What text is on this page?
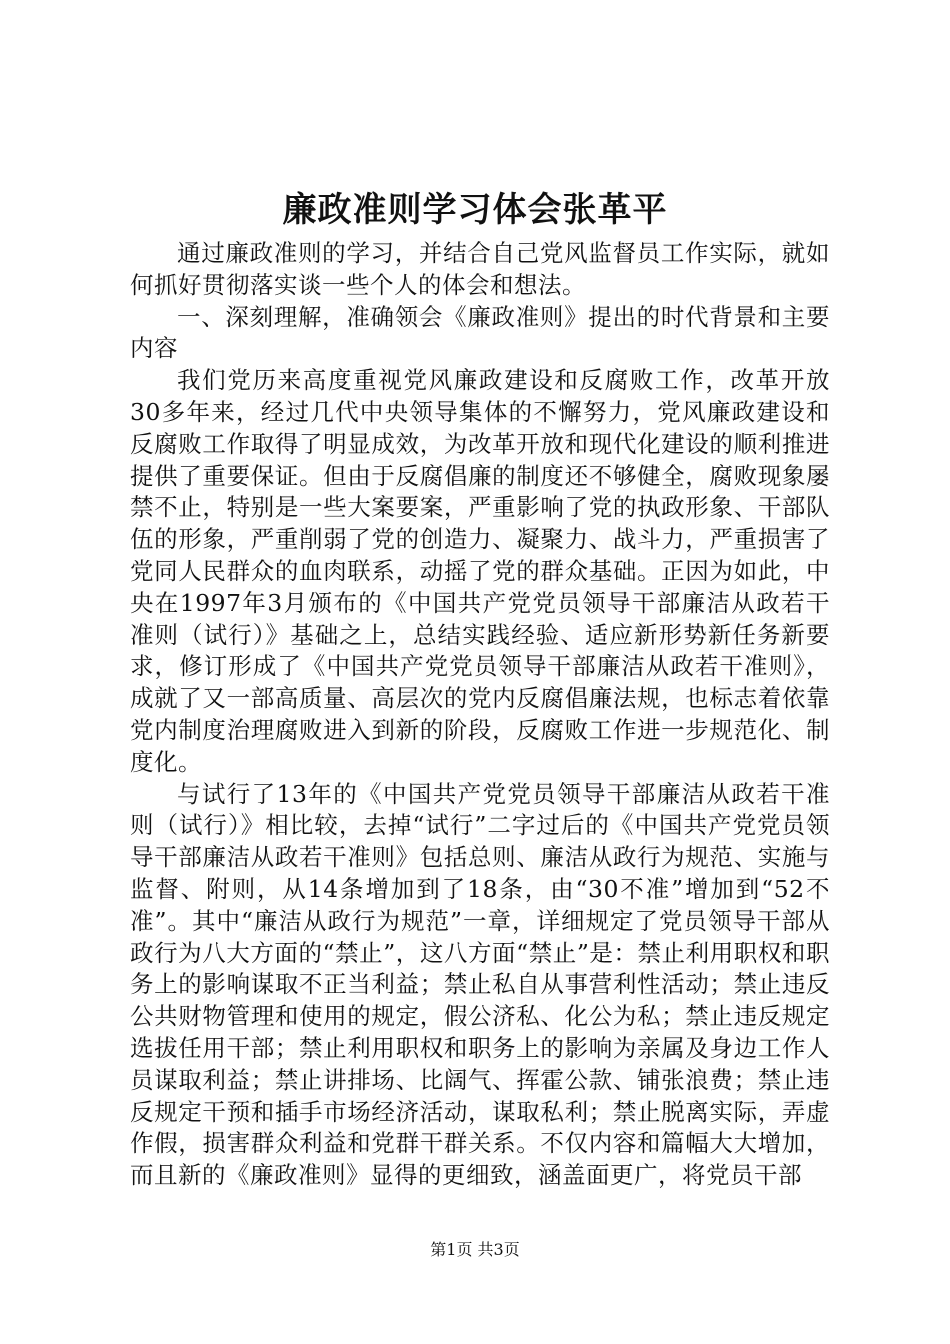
廉政准则学习体会张革平

通过廉政准则的学习，并结合自己党风监督员工作实际，就如何抓好贯彻落实谈一些个人的体会和想法。

一、深刻理解，准确领会《廉政准则》提出的时代背景和主要内容

我们党历来高度重视党风廉政建设和反腐败工作，改革开放30多年来，经过几代中央领导集体的不懈努力，党风廉政建设和反腐败工作取得了明显成效，为改革开放和现代化建设的顺利推进提供了重要保证。但由于反腐倡廉的制度还不够健全，腐败现象屡禁不止，特别是一些大案要案，严重影响了党的执政形象、干部队伍的形象，严重削弱了党的创造力、凝聚力、战斗力，严重损害了党同人民群众的血肉联系，动摇了党的群众基础。正因为如此，中央在1997年3月颁布的《中国共产党党员领导干部廉洁从政若干准则（试行）》基础之上，总结实践经验、适应新形势新任务新要求，修订形成了《中国共产党党员领导干部廉洁从政若干准则》，成就了又一部高质量、高层次的党内反腐倡廉法规，也标志着依靠党内制度治理腐败进入到新的阶段，反腐败工作进一步规范化、制度化。

与试行了13年的《中国共产党党员领导干部廉洁从政若干准则（试行）》相比较，去掉“试行”二字过后的《中国共产党党员领导干部廉洁从政若干准则》包括总则、廉洁从政行为规范、实施与监督、附则，从14条增加到了18条，由“30不准”增加到“52不准”。其中“廉洁从政行为规范”一章，详细规定了党员领导干部从政行为八大方面的“禁止”，这八方面“禁止”是：禁止利用职权和职务上的影响谋取不正当利益；禁止私自从事营利性活动；禁止违反公共财物管理和使用的规定，假公济私、化公为私；禁止违反规定选拔任用干部；禁止利用职权和职务上的影响为亲属及身边工作人员谋取利益；禁止讲排场、比阔气、挥霍公款、铺张浪费；禁止违反规定干预和插手市场经济活动，谋取私利；禁止脱离实际，弄虚作假，损害群众利益和党群干群关系。不仅内容和篇幅大大增加，而且新的《廉政准则》显得的更细致，涵盖面更广，将党员干部

第1页 共3页
